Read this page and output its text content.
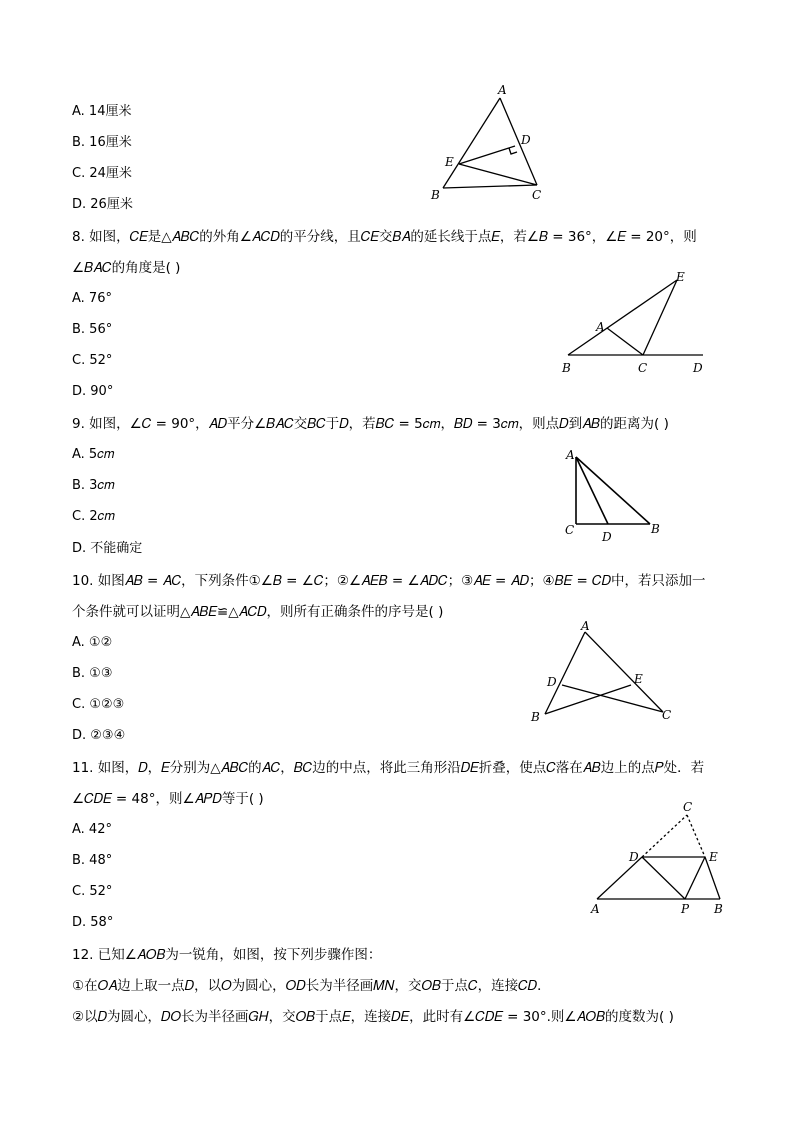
A. 14厘米
B. 16厘米
C. 24厘米
D. 26厘米
A
B	C
D
E
8. 如图，𝐶𝐸是△𝐴𝐵𝐶的外角∠𝐴𝐶𝐷的平分线，且𝐶𝐸交𝐵𝐴的延长线于点𝐸，若∠𝐵 = 36°，∠𝐸 = 20°，则
∠𝐵𝐴𝐶的角度是( )
A. 76°
B. 56°
C. 52°
D. 90°
E
A
B	C	D
9. 如图，∠𝐶 = 90°，𝐴𝐷平分∠𝐵𝐴𝐶交𝐵𝐶于𝐷，若𝐵𝐶 = 5𝑐𝑚，𝐵𝐷 = 3𝑐𝑚，则点𝐷到𝐴𝐵的距离为( )
A. 5𝑐𝑚
B. 3𝑐𝑚
C. 2𝑐𝑚
D. 不能确定
A
C D
B
10. 如图𝐴𝐵 = 𝐴𝐶，下列条件①∠𝐵 = ∠𝐶；②∠𝐴𝐸𝐵 = ∠𝐴𝐷𝐶；③𝐴𝐸 = 𝐴𝐷；④𝐵𝐸 = 𝐶𝐷中，若只添加一
个条件就可以证明△𝐴𝐵𝐸≌△𝐴𝐶𝐷，则所有正确条件的序号是( )
A. ①②
B. ①③
C. ①②③
D. ②③④
A
D	E
B	C
11. 如图，𝐷，𝐸分别为△𝐴𝐵𝐶的𝐴𝐶，𝐵𝐶边的中点，将此三角形沿𝐷𝐸折叠，使点𝐶落在𝐴𝐵边上的点𝑃处．若
∠𝐶𝐷𝐸 = 48°，则∠𝐴𝑃𝐷等于( )
A. 42°
B. 48°
C. 52°
D. 58°
C
D	E
A	P B
12. 已知∠𝐴𝑂𝐵为一锐角，如图，按下列步骤作图：
①在𝑂𝐴边上取一点𝐷，以𝑂为圆心，𝑂𝐷长为半径画𝑀𝑁，交𝑂𝐵于点𝐶，连接𝐶𝐷．
②以𝐷为圆心，𝐷𝑂长为半径画𝐺𝐻，交𝑂𝐵于点𝐸，连接𝐷𝐸，此时有∠𝐶𝐷𝐸 = 30°.则∠𝐴𝑂𝐵的度数为( )
